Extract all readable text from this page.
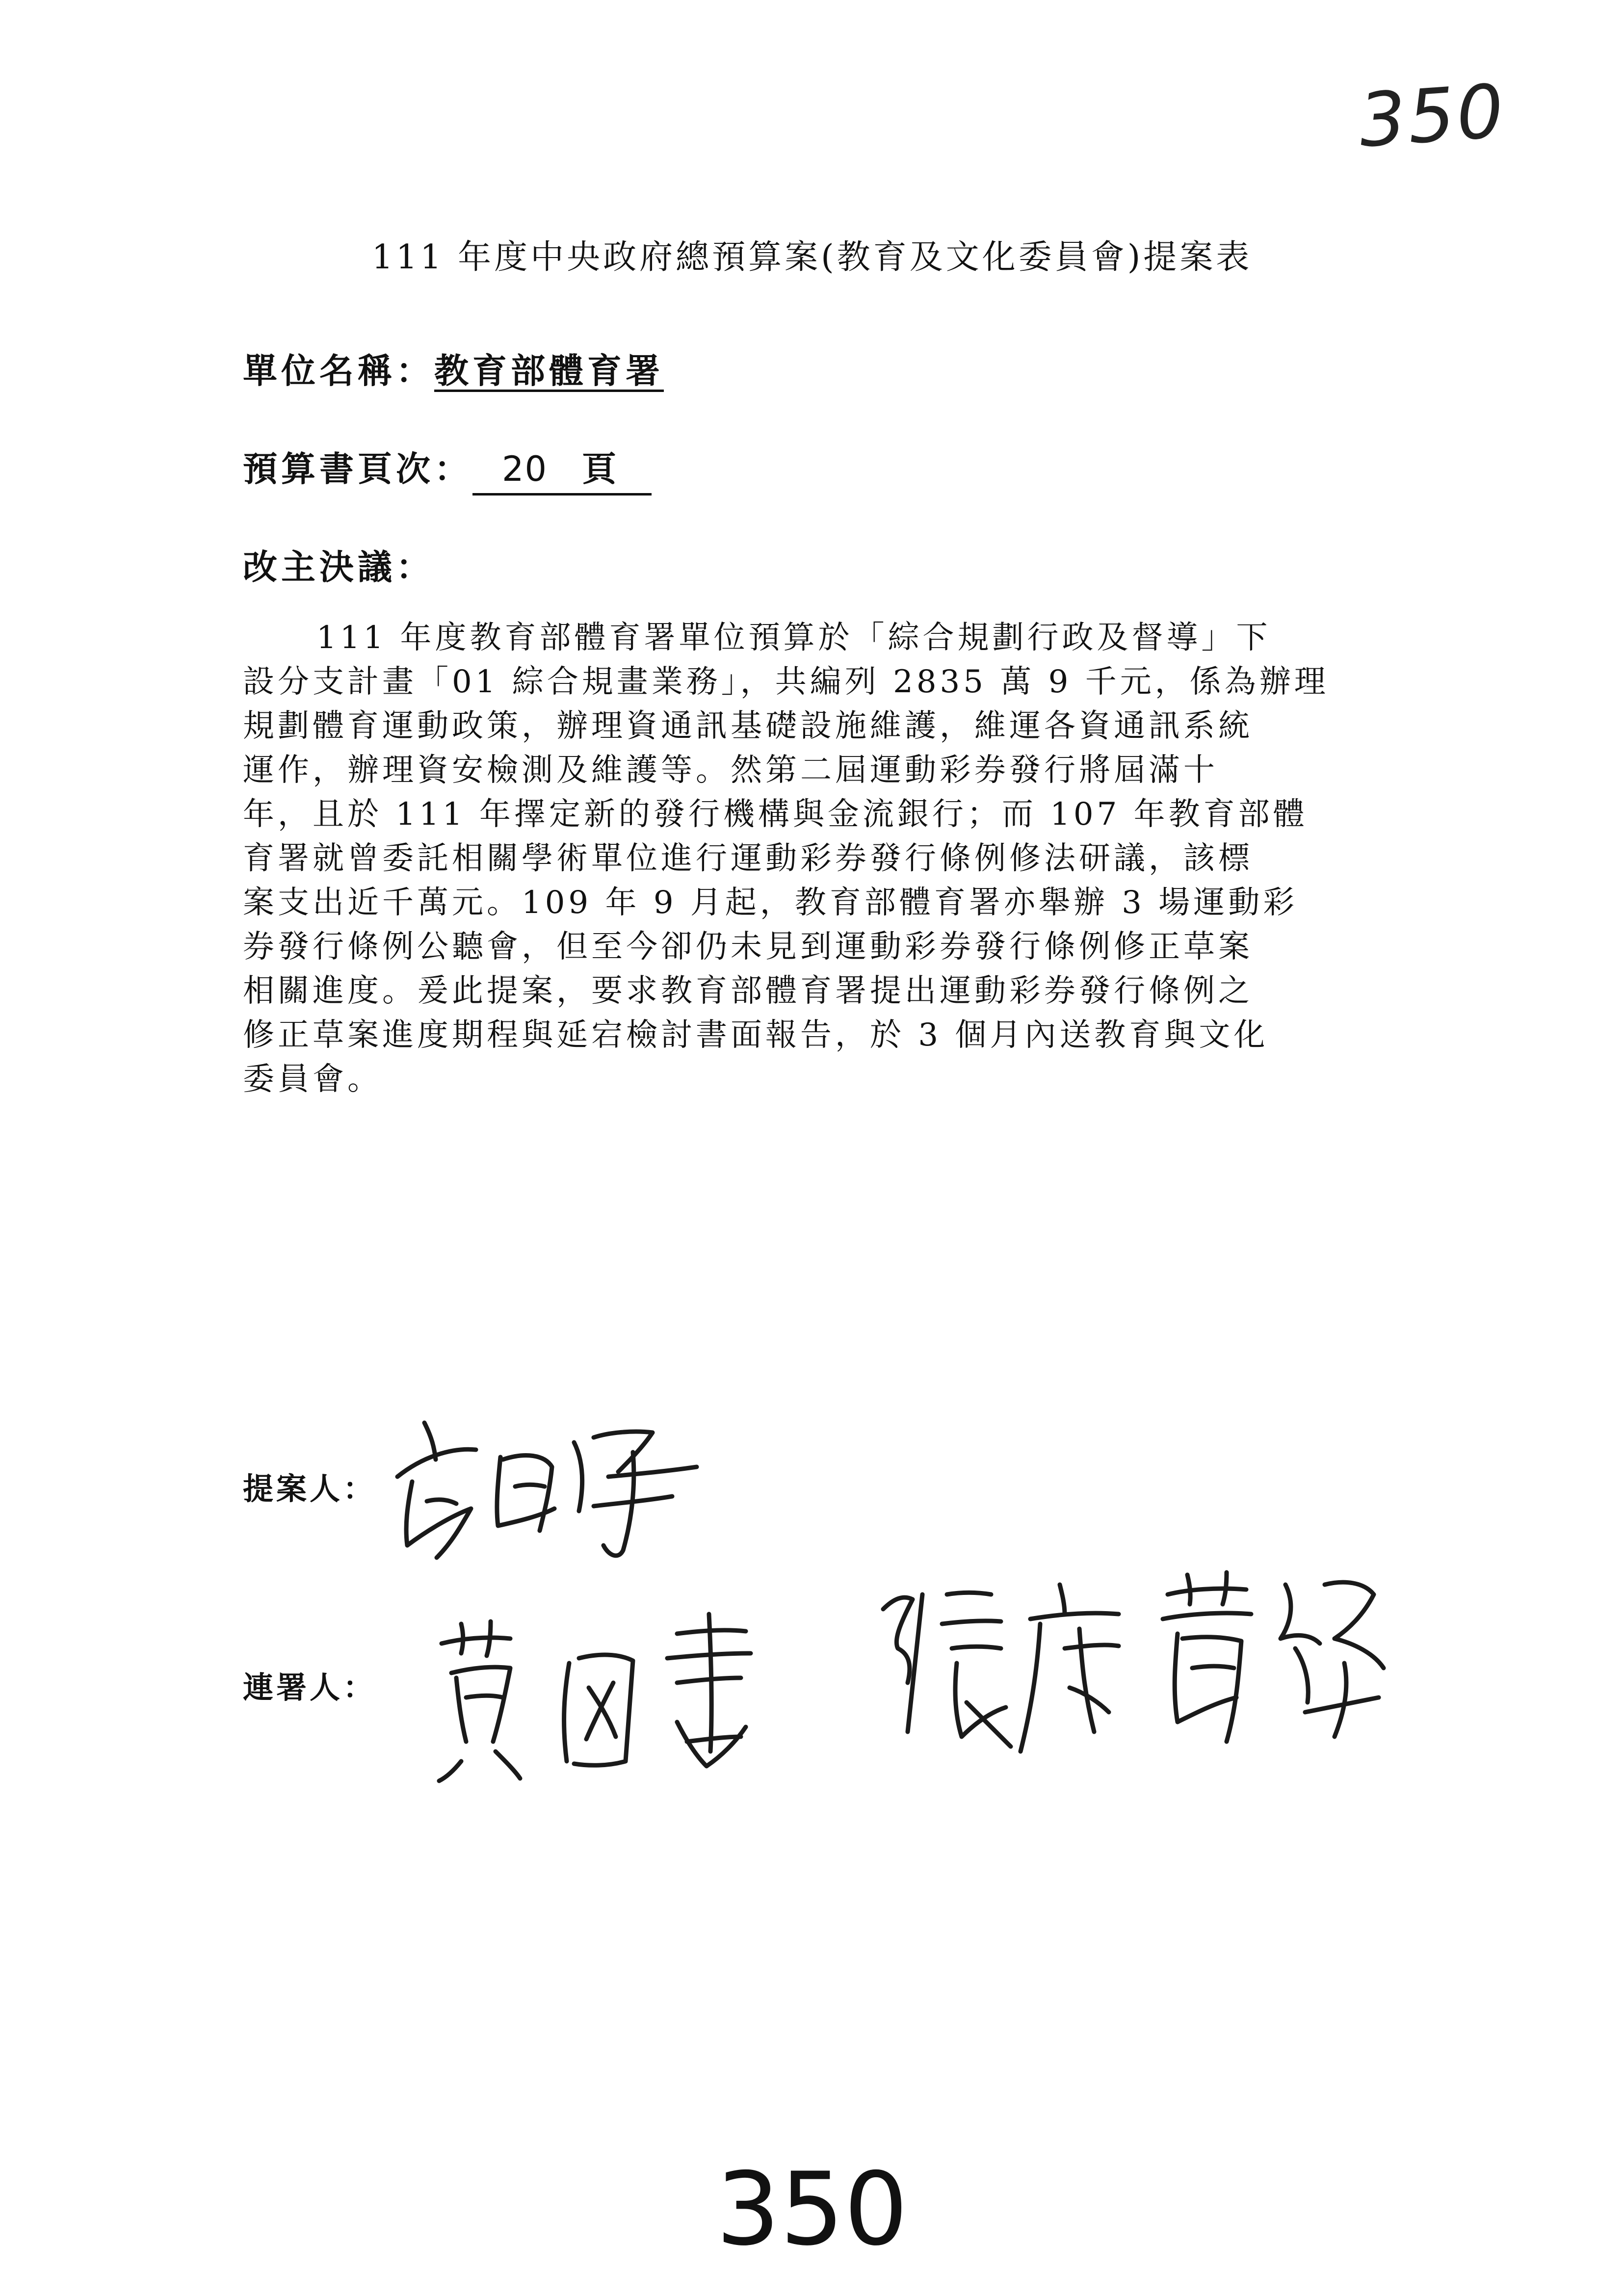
350
111 年度中央政府總預算案(教育及文化委員會)提案表
單位名稱：教育部體育署
預算書頁次： 20 頁
改主決議：
111 年度教育部體育署單位預算於「綜合規劃行政及督導」下
設分支計畫「01 綜合規畫業務」，共編列 2835 萬 9 千元，係為辦理
規劃體育運動政策，辦理資通訊基礎設施維護，維運各資通訊系統
運作，辦理資安檢測及維護等。然第二屆運動彩券發行將屆滿十
年，且於 111 年擇定新的發行機構與金流銀行；而 107 年教育部體
育署就曾委託相關學術單位進行運動彩券發行條例修法研議，該標
案支出近千萬元。109 年 9 月起，教育部體育署亦舉辦 3 場運動彩
券發行條例公聽會，但至今卻仍未見到運動彩券發行條例修正草案
相關進度。爰此提案，要求教育部體育署提出運動彩券發行條例之
修正草案進度期程與延宕檢討書面報告，於 3 個月內送教育與文化
委員會。
提案人：
連署人：
350
